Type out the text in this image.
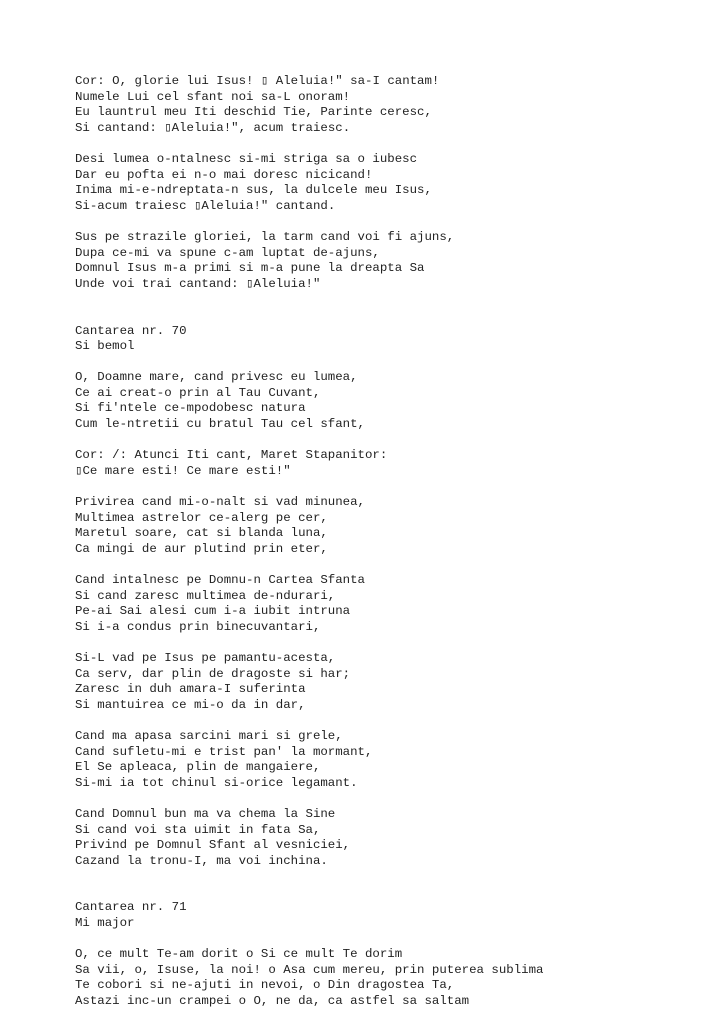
Cor: O, glorie lui Isus! ▯ Aleluia!" sa-I cantam!
Numele Lui cel sfant noi sa-L onoram!
Eu launtrul meu Iti deschid Tie, Parinte ceresc,
Si cantand: ▯Aleluia!", acum traiesc.
Desi lumea o-ntalnesc si-mi striga sa o iubesc
Dar eu pofta ei n-o mai doresc nicicand!
Inima mi-e-ndreptata-n sus, la dulcele meu Isus,
Si-acum traiesc ▯Aleluia!" cantand.
Sus pe strazile gloriei, la tarm cand voi fi ajuns,
Dupa ce-mi va spune c-am luptat de-ajuns,
Domnul Isus m-a primi si m-a pune la dreapta Sa
Unde voi trai cantand: ▯Aleluia!"
Cantarea nr. 70
Si bemol
O, Doamne mare, cand privesc eu lumea,
Ce ai creat-o prin al Tau Cuvant,
Si fi'ntele ce-mpodobesc natura
Cum le-ntretii cu bratul Tau cel sfant,
Cor: /: Atunci Iti cant, Maret Stapanitor:
▯Ce mare esti! Ce mare esti!"
Privirea cand mi-o-nalt si vad minunea,
Multimea astrelor ce-alerg pe cer,
Maretul soare, cat si blanda luna,
Ca mingi de aur plutind prin eter,
Cand intalnesc pe Domnu-n Cartea Sfanta
Si cand zaresc multimea de-ndurari,
Pe-ai Sai alesi cum i-a iubit intruna
Si i-a condus prin binecuvantari,
Si-L vad pe Isus pe pamantu-acesta,
Ca serv, dar plin de dragoste si har;
Zaresc in duh amara-I suferinta
Si mantuirea ce mi-o da in dar,
Cand ma apasa sarcini mari si grele,
Cand sufletu-mi e trist pan' la mormant,
El Se apleaca, plin de mangaiere,
Si-mi ia tot chinul si-orice legamant.
Cand Domnul bun ma va chema la Sine
Si cand voi sta uimit in fata Sa,
Privind pe Domnul Sfant al vesniciei,
Cazand la tronu-I, ma voi inchina.
Cantarea nr. 71
Mi major
O, ce mult Te-am dorit o Si ce mult Te dorim
Sa vii, o, Isuse, la noi! o Asa cum mereu, prin puterea sublima
Te cobori si ne-ajuti in nevoi, o Din dragostea Ta,
Astazi inc-un crampei o O, ne da, ca astfel sa saltam
